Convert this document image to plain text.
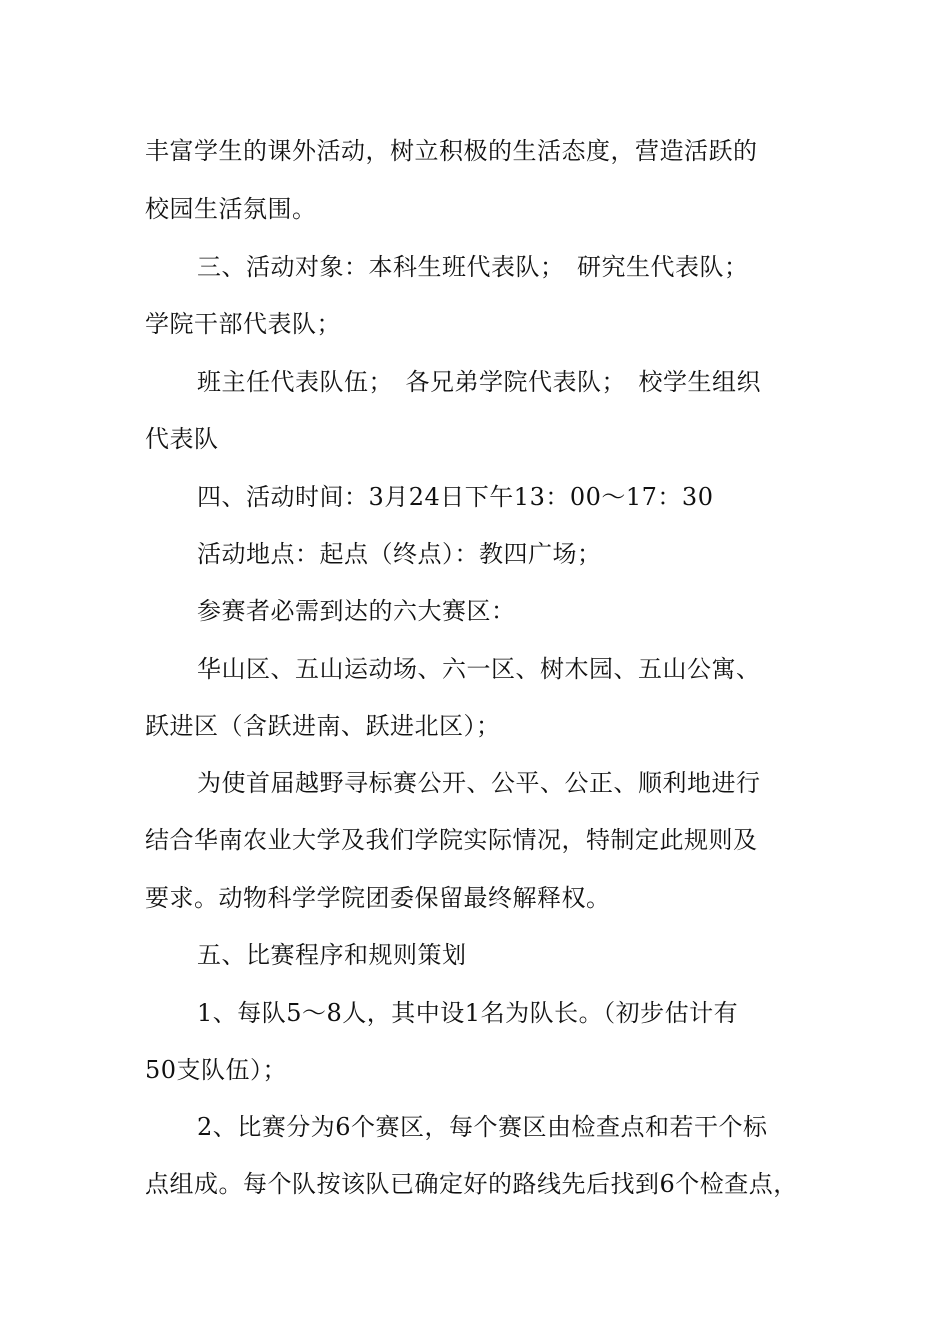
丰富学生的课外活动，树立积极的生活态度，营造活跃的
校园生活氛围。
三、活动对象：本科生班代表队；　研究生代表队；
学院干部代表队；
班主任代表队伍；　各兄弟学院代表队；　校学生组织
代表队
四、活动时间：3月24日下午13：00～17：30
活动地点：起点（终点）：教四广场；
参赛者必需到达的六大赛区：
华山区、五山运动场、六一区、树木园、五山公寓、
跃进区（含跃进南、跃进北区）；
为使首届越野寻标赛公开、公平、公正、顺利地进行
结合华南农业大学及我们学院实际情况，特制定此规则及
要求。动物科学学院团委保留最终解释权。
五、比赛程序和规则策划
1、每队5～8人，其中设1名为队长。（初步估计有
50支队伍）；
2、比赛分为6个赛区，每个赛区由检查点和若干个标
点组成。每个队按该队已确定好的路线先后找到6个检查点，
